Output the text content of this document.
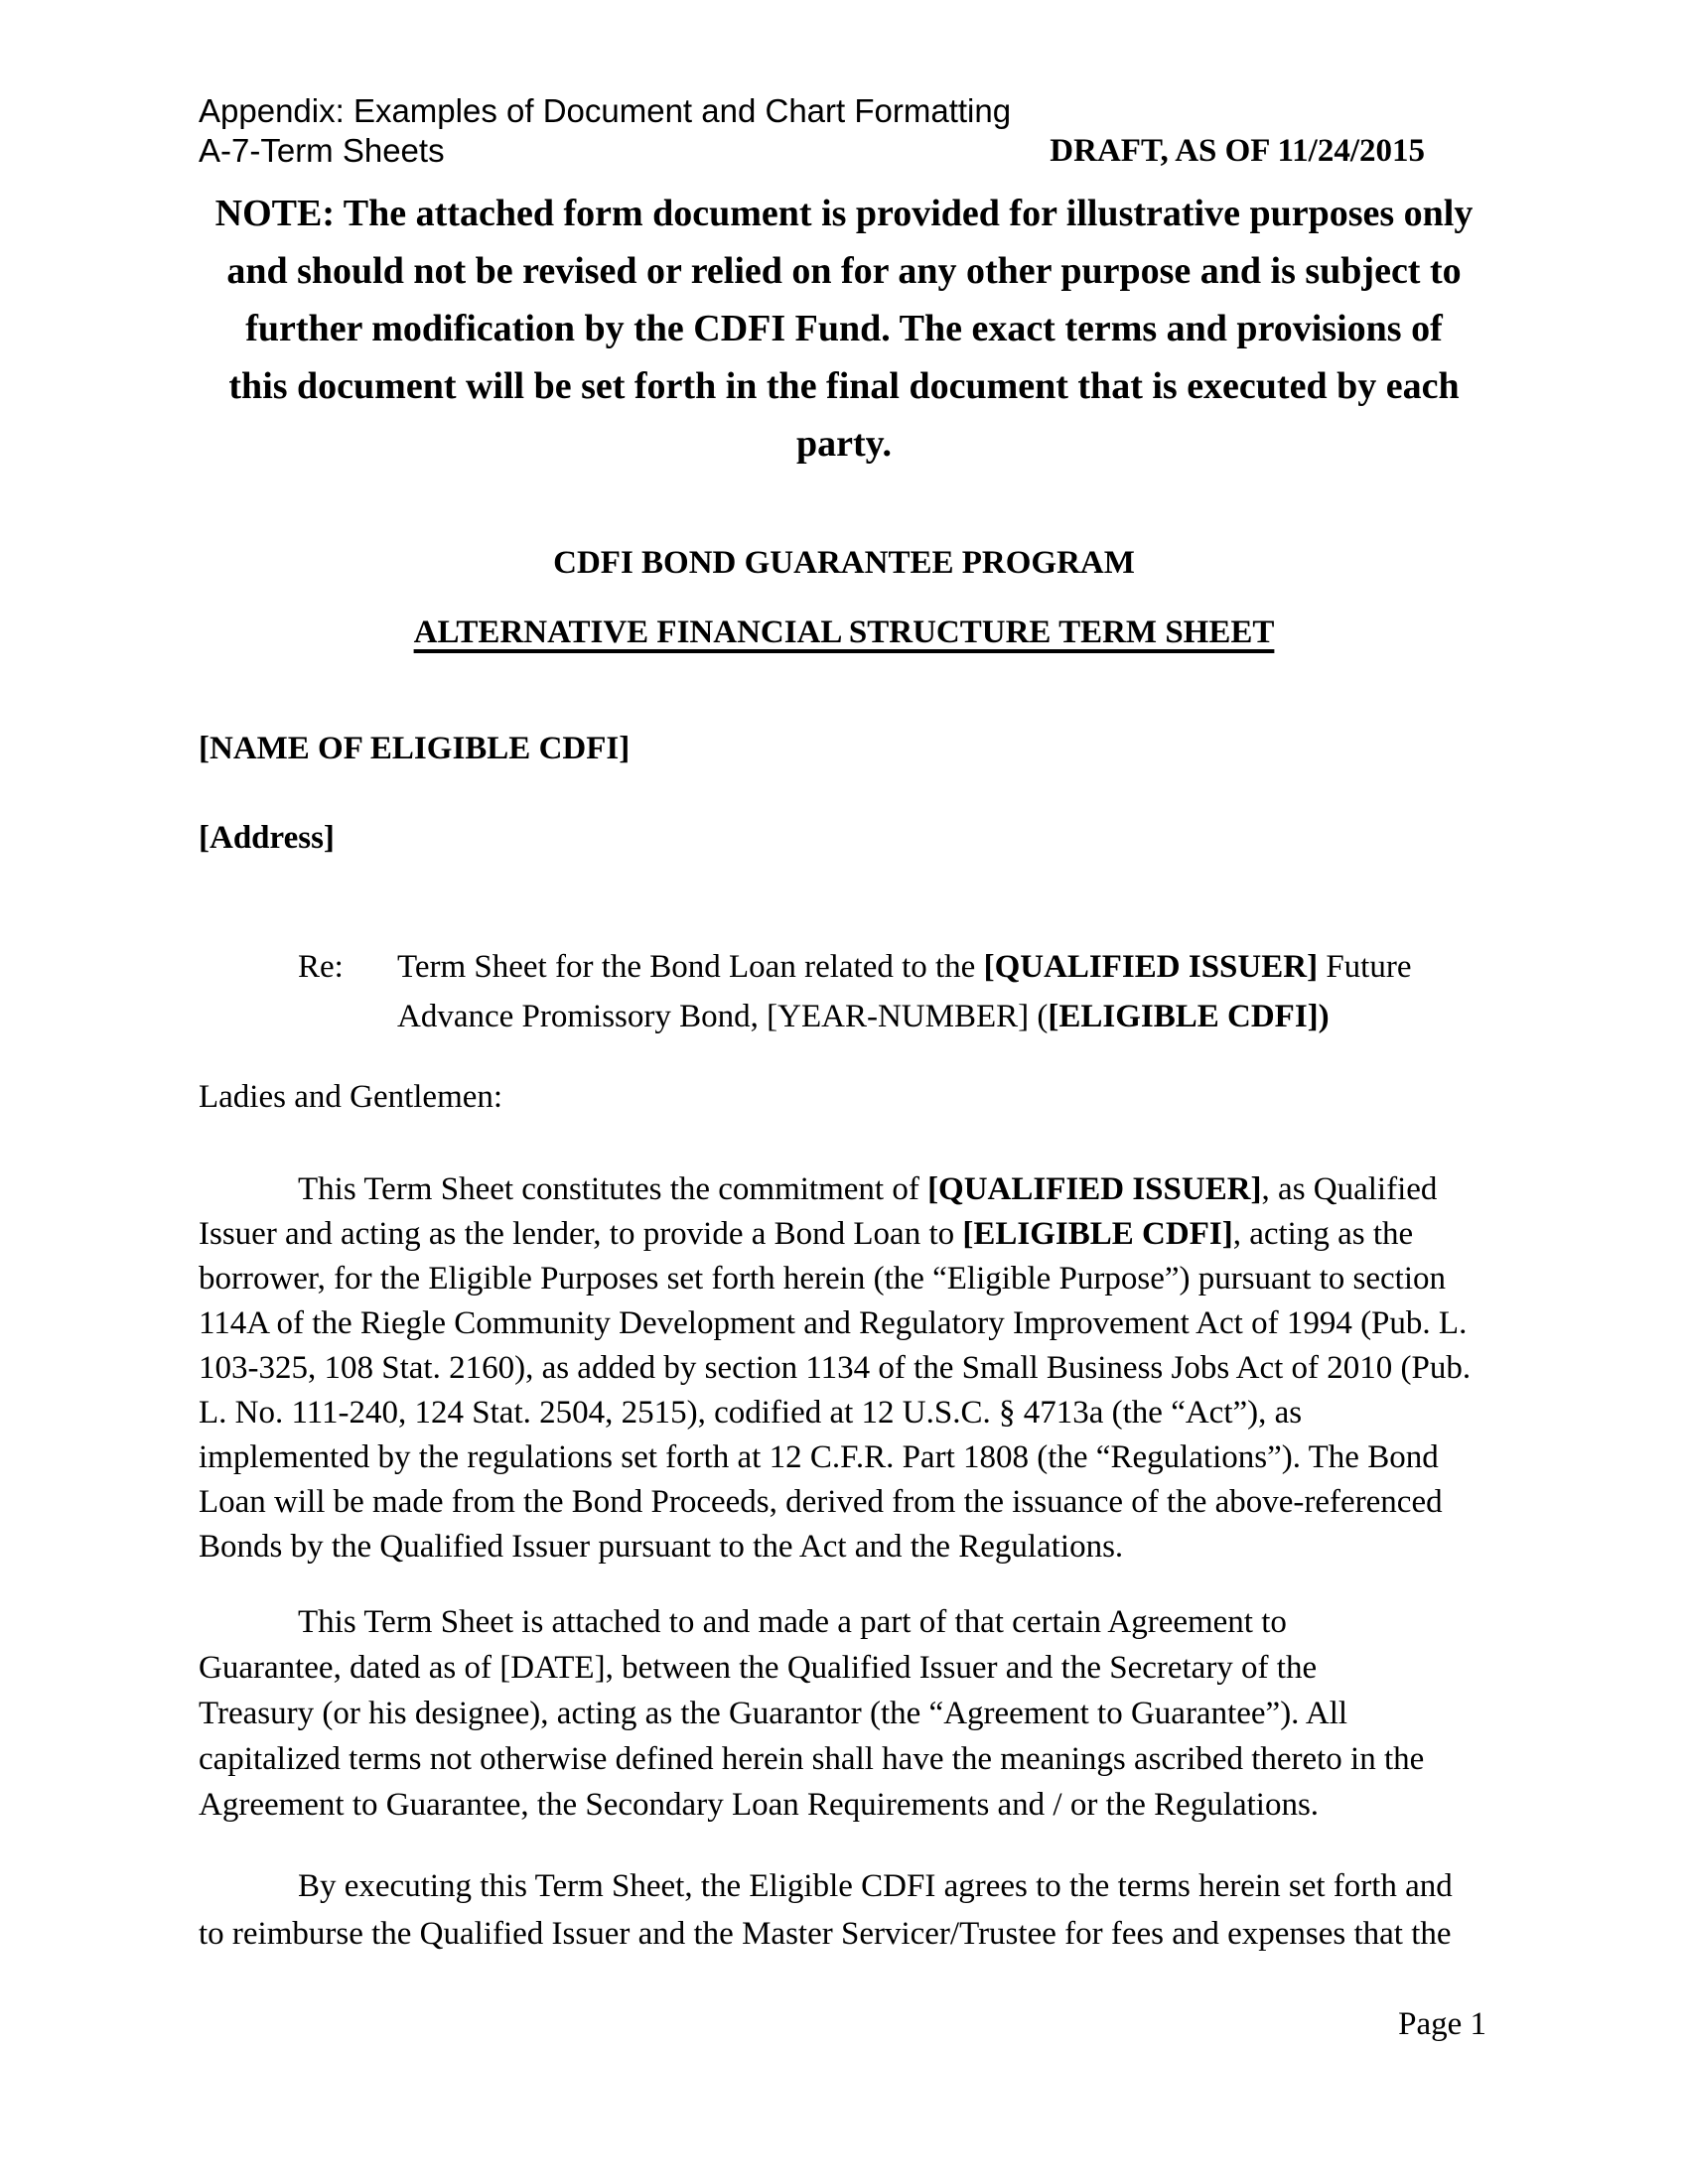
Appendix: Examples of Document and Chart Formatting
A-7-Term Sheets	DRAFT, AS OF 11/24/2015
NOTE: The attached form document is provided for illustrative purposes only
and should not be revised or relied on for any other purpose and is subject to
further modification by the CDFI Fund. The exact terms and provisions of
this document will be set forth in the final document that is executed by each
party.
CDFI BOND GUARANTEE PROGRAM
ALTERNATIVE FINANCIAL STRUCTURE TERM SHEET
[NAME OF ELIGIBLE CDFI]
[Address]
Re: Term Sheet for the Bond Loan related to the [QUALIFIED ISSUER] Future
Advance Promissory Bond, [YEAR-NUMBER] ([ELIGIBLE CDFI])
Ladies and Gentlemen:
This Term Sheet constitutes the commitment of [QUALIFIED ISSUER], as Qualified
Issuer and acting as the lender, to provide a Bond Loan to [ELIGIBLE CDFI], acting as the
borrower, for the Eligible Purposes set forth herein (the “Eligible Purpose”) pursuant to section
114A of the Riegle Community Development and Regulatory Improvement Act of 1994 (Pub. L.
103-325, 108 Stat. 2160), as added by section 1134 of the Small Business Jobs Act of 2010 (Pub.
L. No. 111-240, 124 Stat. 2504, 2515), codified at 12 U.S.C. § 4713a (the “Act”), as
implemented by the regulations set forth at 12 C.F.R. Part 1808 (the “Regulations”). The Bond
Loan will be made from the Bond Proceeds, derived from the issuance of the above-referenced
Bonds by the Qualified Issuer pursuant to the Act and the Regulations.
This Term Sheet is attached to and made a part of that certain Agreement to
Guarantee, dated as of [DATE], between the Qualified Issuer and the Secretary of the
Treasury (or his designee), acting as the Guarantor (the “Agreement to Guarantee”). All
capitalized terms not otherwise defined herein shall have the meanings ascribed thereto in the
Agreement to Guarantee, the Secondary Loan Requirements and / or the Regulations.
By executing this Term Sheet, the Eligible CDFI agrees to the terms herein set forth and
to reimburse the Qualified Issuer and the Master Servicer/Trustee for fees and expenses that the
Page 1
